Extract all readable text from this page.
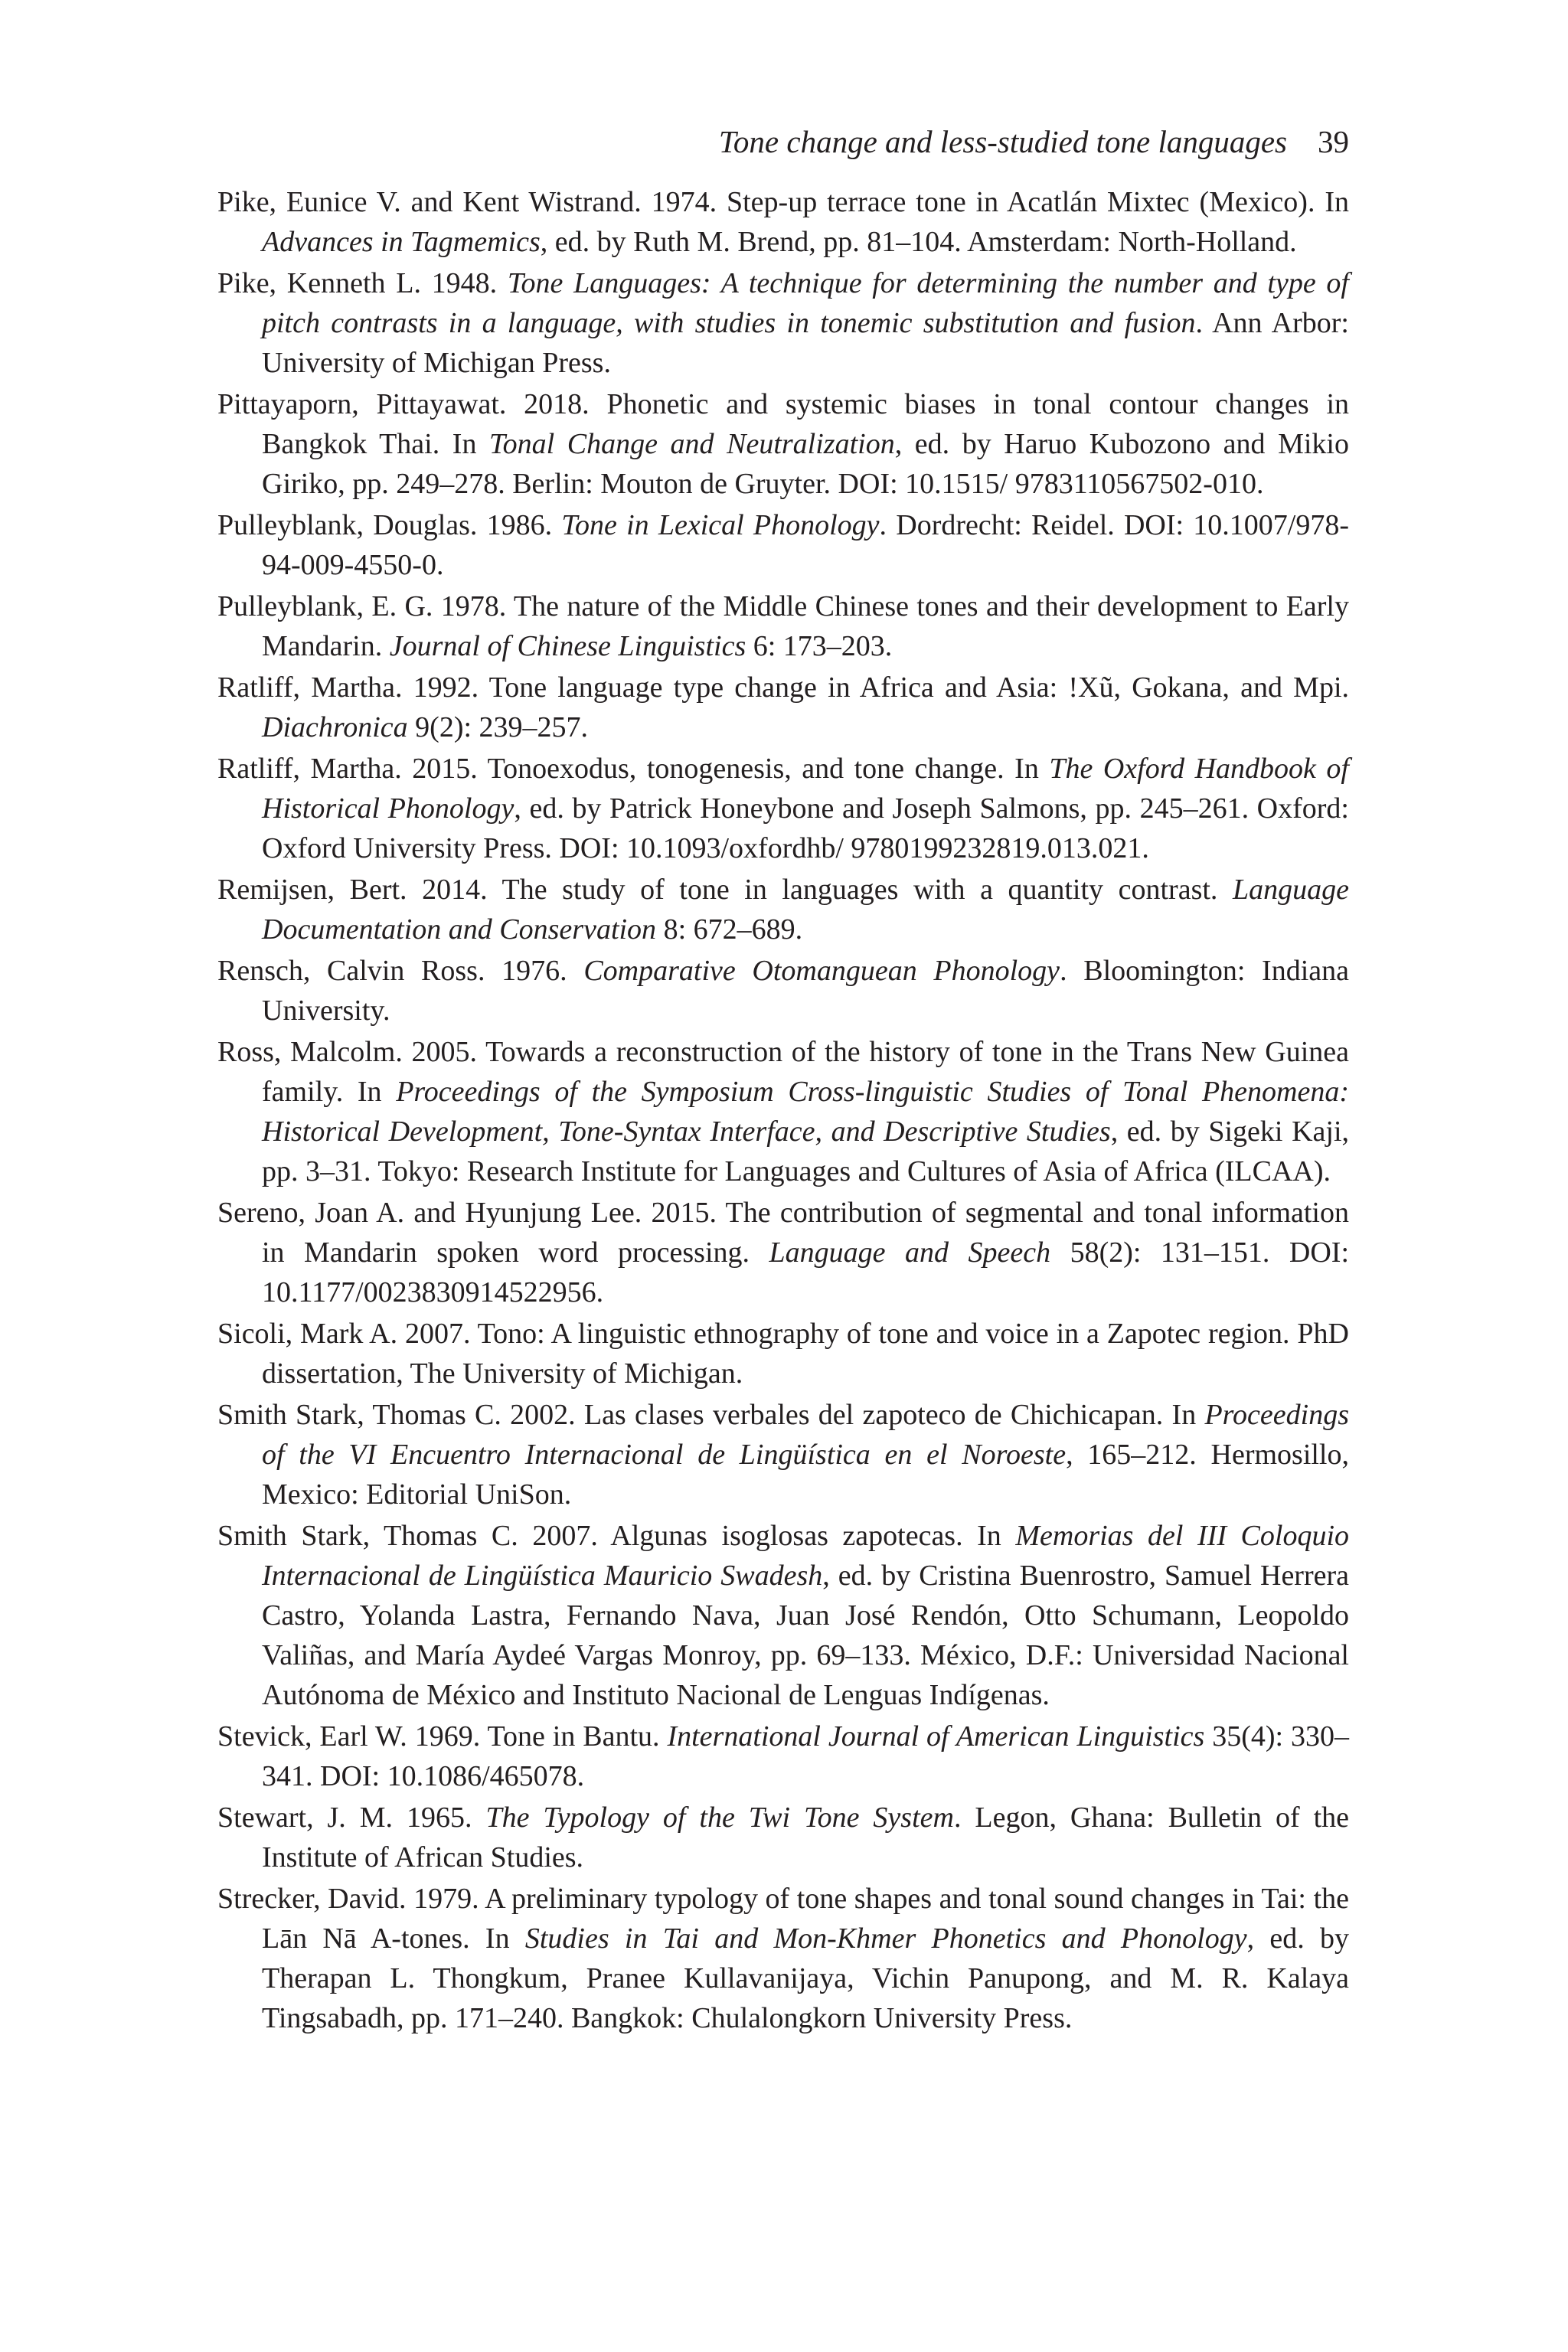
Tone change and less-studied tone languages 39

Pike, Eunice V. and Kent Wistrand. 1974. Step-up terrace tone in Acatlán Mixtec (Mexico). In Advances in Tagmemics, ed. by Ruth M. Brend, pp. 81–104. Amsterdam: North-Holland.

Pike, Kenneth L. 1948. Tone Languages: A technique for determining the number and type of pitch contrasts in a language, with studies in tonemic substitution and fusion. Ann Arbor: University of Michigan Press.

Pittayaporn, Pittayawat. 2018. Phonetic and systemic biases in tonal contour changes in Bangkok Thai. In Tonal Change and Neutralization, ed. by Haruo Kubozono and Mikio Giriko, pp. 249–278. Berlin: Mouton de Gruyter. DOI: 10.1515/ 9783110567502-010.

Pulleyblank, Douglas. 1986. Tone in Lexical Phonology. Dordrecht: Reidel. DOI: 10.1007/978-94-009-4550-0.

Pulleyblank, E. G. 1978. The nature of the Middle Chinese tones and their development to Early Mandarin. Journal of Chinese Linguistics 6: 173–203.

Ratliff, Martha. 1992. Tone language type change in Africa and Asia: !Xũ, Gokana, and Mpi. Diachronica 9(2): 239–257.

Ratliff, Martha. 2015. Tonoexodus, tonogenesis, and tone change. In The Oxford Handbook of Historical Phonology, ed. by Patrick Honeybone and Joseph Salmons, pp. 245–261. Oxford: Oxford University Press. DOI: 10.1093/oxfordhb/ 9780199232819.013.021.

Remijsen, Bert. 2014. The study of tone in languages with a quantity contrast. Language Documentation and Conservation 8: 672–689.

Rensch, Calvin Ross. 1976. Comparative Otomanguean Phonology. Bloomington: Indiana University.

Ross, Malcolm. 2005. Towards a reconstruction of the history of tone in the Trans New Guinea family. In Proceedings of the Symposium Cross-linguistic Studies of Tonal Phenomena: Historical Development, Tone-Syntax Interface, and Descriptive Studies, ed. by Sigeki Kaji, pp. 3–31. Tokyo: Research Institute for Languages and Cultures of Asia of Africa (ILCAA).

Sereno, Joan A. and Hyunjung Lee. 2015. The contribution of segmental and tonal information in Mandarin spoken word processing. Language and Speech 58(2): 131–151. DOI: 10.1177/0023830914522956.

Sicoli, Mark A. 2007. Tono: A linguistic ethnography of tone and voice in a Zapotec region. PhD dissertation, The University of Michigan.

Smith Stark, Thomas C. 2002. Las clases verbales del zapoteco de Chichicapan. In Proceedings of the VI Encuentro Internacional de Lingüística en el Noroeste, 165–212. Hermosillo, Mexico: Editorial UniSon.

Smith Stark, Thomas C. 2007. Algunas isoglosas zapotecas. In Memorias del III Coloquio Internacional de Lingüística Mauricio Swadesh, ed. by Cristina Buenrostro, Samuel Herrera Castro, Yolanda Lastra, Fernando Nava, Juan José Rendón, Otto Schumann, Leopoldo Valiñas, and María Aydeé Vargas Monroy, pp. 69–133. México, D.F.: Universidad Nacional Autónoma de México and Instituto Nacional de Lenguas Indígenas.

Stevick, Earl W. 1969. Tone in Bantu. International Journal of American Linguistics 35(4): 330–341. DOI: 10.1086/465078.

Stewart, J. M. 1965. The Typology of the Twi Tone System. Legon, Ghana: Bulletin of the Institute of African Studies.

Strecker, David. 1979. A preliminary typology of tone shapes and tonal sound changes in Tai: the Lān Nā A-tones. In Studies in Tai and Mon-Khmer Phonetics and Phonology, ed. by Therapan L. Thongkum, Pranee Kullavanijaya, Vichin Panupong, and M. R. Kalaya Tingsabadh, pp. 171–240. Bangkok: Chulalongkorn University Press.
